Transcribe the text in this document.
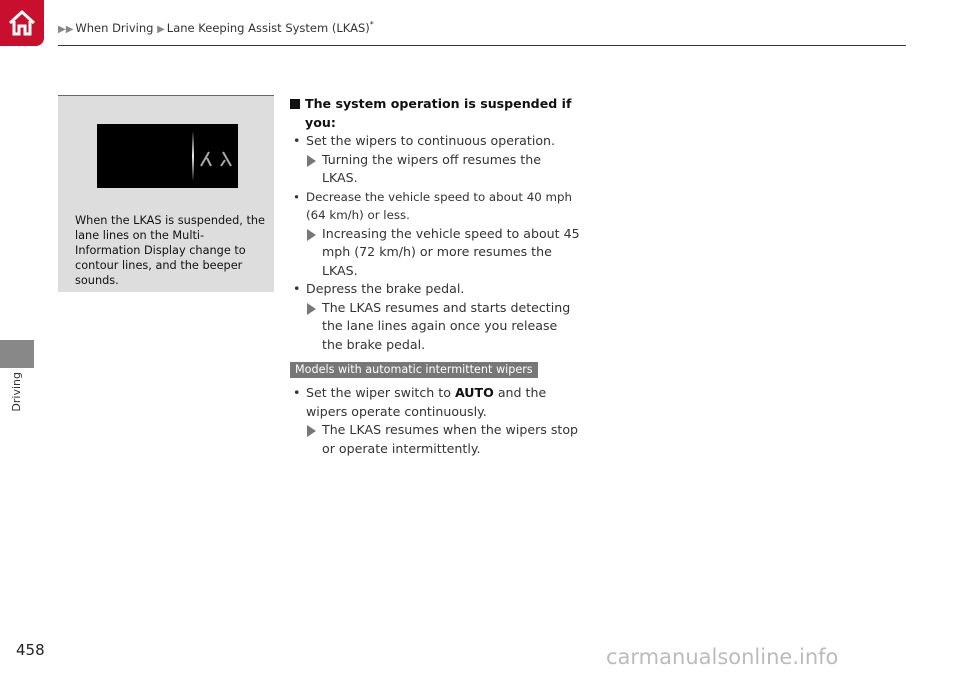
▶▶ When Driving ▶ Lane Keeping Assist System (LKAS)*
Driving
458
When the LKAS is suspended, the lane lines on the Multi-Information Display change to contour lines, and the beeper sounds.
The system operation is suspended if you:
• Set the wipers to continuous operation.
Turning the wipers off resumes the LKAS.
• Decrease the vehicle speed to about 40 mph (64 km/h) or less.
Increasing the vehicle speed to about 45 mph (72 km/h) or more resumes the LKAS.
• Depress the brake pedal.
The LKAS resumes and starts detecting the lane lines again once you release the brake pedal.
Models with automatic intermittent wipers
• Set the wiper switch to AUTO and the wipers operate continuously.
The LKAS resumes when the wipers stop or operate intermittently.
carmanualsonline.info
